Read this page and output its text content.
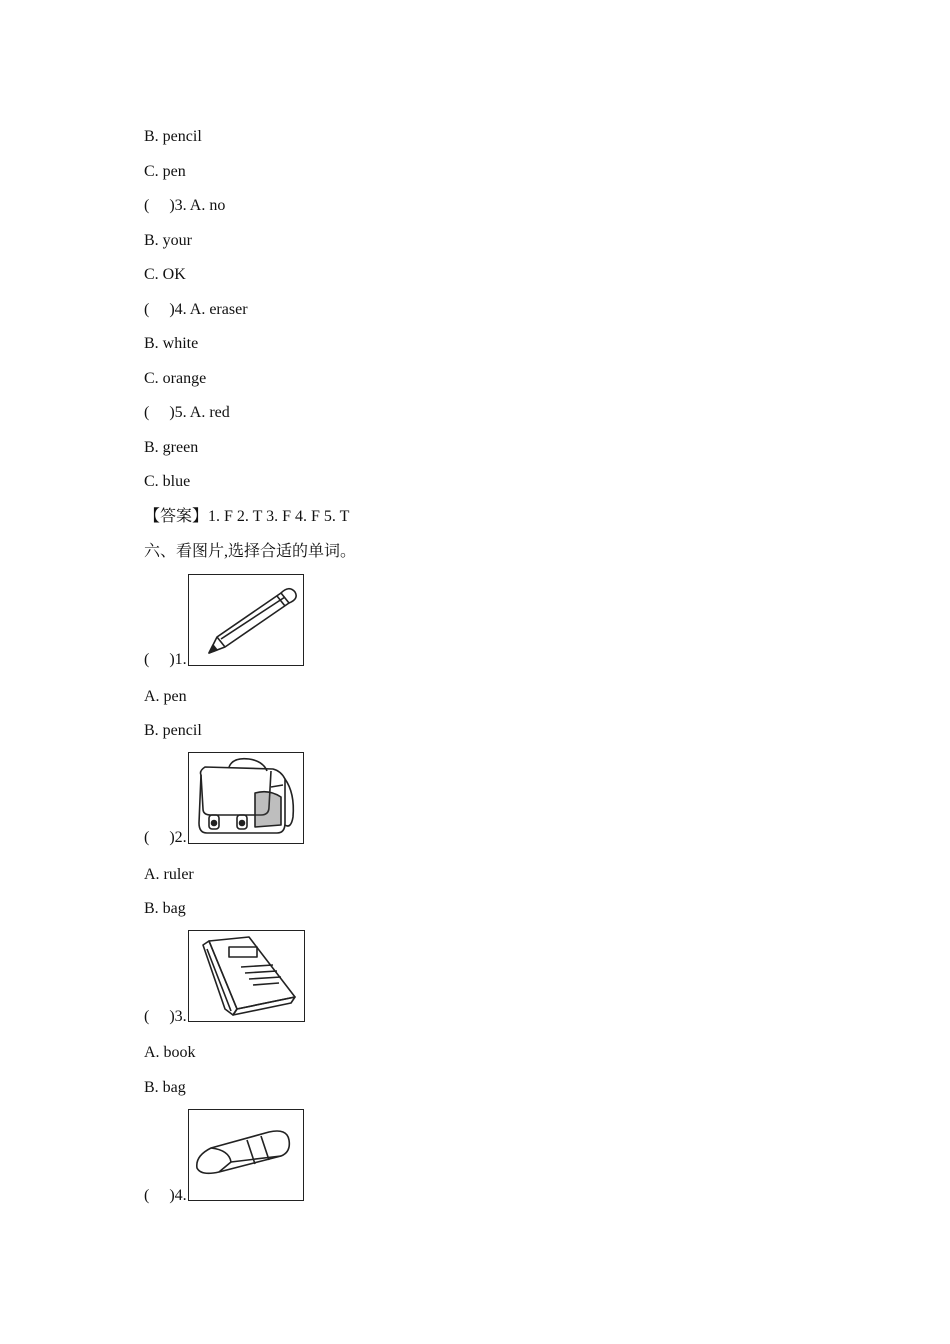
B. pencil
C. pen
(     )3. A. no
B. your
C. OK
(     )4. A. eraser
B. white
C. orange
(     )5. A. red
B. green
C. blue
【答案】1. F 2. T 3. F 4. F 5. T
六、看图片,选择合适的单词。
(     )1.
A. pen
B. pencil
(     )2.
A. ruler
B. bag
(     )3.
A. book
B. bag
(     )4.
